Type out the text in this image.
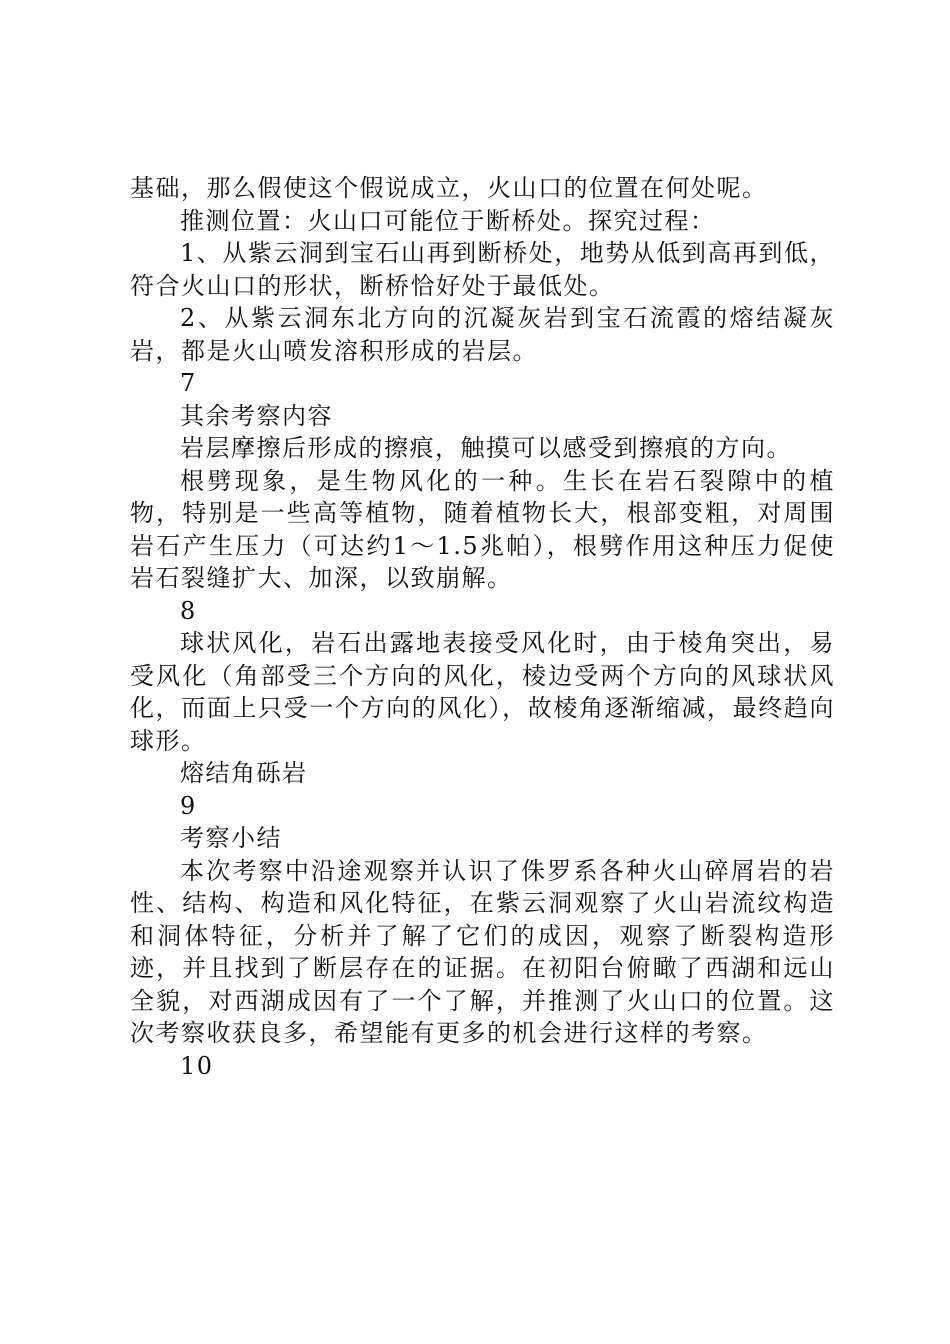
基础，那么假使这个假说成立，火山口的位置在何处呢。

推测位置：火山口可能位于断桥处。探究过程：

1、从紫云洞到宝石山再到断桥处，地势从低到高再到低，符合火山口的形状，断桥恰好处于最低处。

2、从紫云洞东北方向的沉凝灰岩到宝石流霞的熔结凝灰岩，都是火山喷发溶积形成的岩层。

7

其余考察内容

岩层摩擦后形成的擦痕，触摸可以感受到擦痕的方向。

根劈现象，是生物风化的一种。生长在岩石裂隙中的植物，特别是一些高等植物，随着植物长大，根部变粗，对周围岩石产生压力（可达约1～1.5兆帕），根劈作用这种压力促使岩石裂缝扩大、加深，以致崩解。

8

球状风化，岩石出露地表接受风化时，由于棱角突出，易受风化（角部受三个方向的风化，棱边受两个方向的风球状风化，而面上只受一个方向的风化），故棱角逐渐缩减，最终趋向球形。

熔结角砾岩

9

考察小结

本次考察中沿途观察并认识了侏罗系各种火山碎屑岩的岩性、结构、构造和风化特征，在紫云洞观察了火山岩流纹构造和洞体特征，分析并了解了它们的成因，观察了断裂构造形迹，并且找到了断层存在的证据。在初阳台俯瞰了西湖和远山全貌，对西湖成因有了一个了解，并推测了火山口的位置。这次考察收获良多，希望能有更多的机会进行这样的考察。

10
